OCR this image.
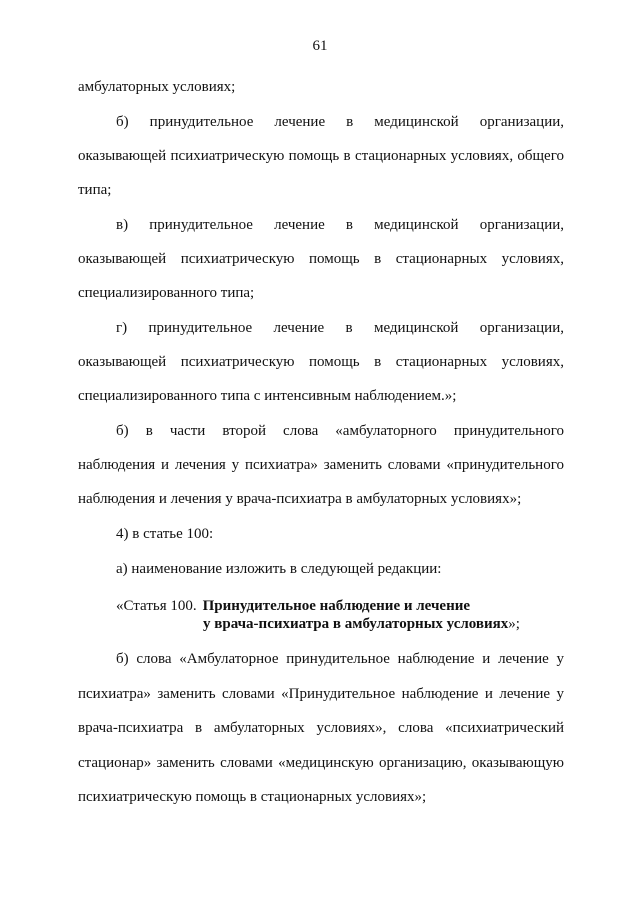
61
амбулаторных условиях;
б) принудительное лечение в медицинской организации,
оказывающей психиатрическую помощь в стационарных условиях, общего
типа;
в) принудительное лечение в медицинской организации,
оказывающей психиатрическую помощь в стационарных условиях,
специализированного типа;
г) принудительное лечение в медицинской организации,
оказывающей психиатрическую помощь в стационарных условиях,
специализированного типа с интенсивным наблюдением.»;
б) в части второй слова «амбулаторного принудительного
наблюдения и лечения у психиатра» заменить словами «принудительного
наблюдения и лечения у врача-психиатра в амбулаторных условиях»;
4) в статье 100:
а) наименование изложить в следующей редакции:
«Статья 100. Принудительное наблюдение и лечение
у врача-психиатра в амбулаторных условиях»;
б) слова «Амбулаторное принудительное наблюдение и лечение у
психиатра» заменить словами «Принудительное наблюдение и лечение у
врача-психиатра в амбулаторных условиях», слова «психиатрический
стационар» заменить словами «медицинскую организацию, оказывающую
психиатрическую помощь в стационарных условиях»;
